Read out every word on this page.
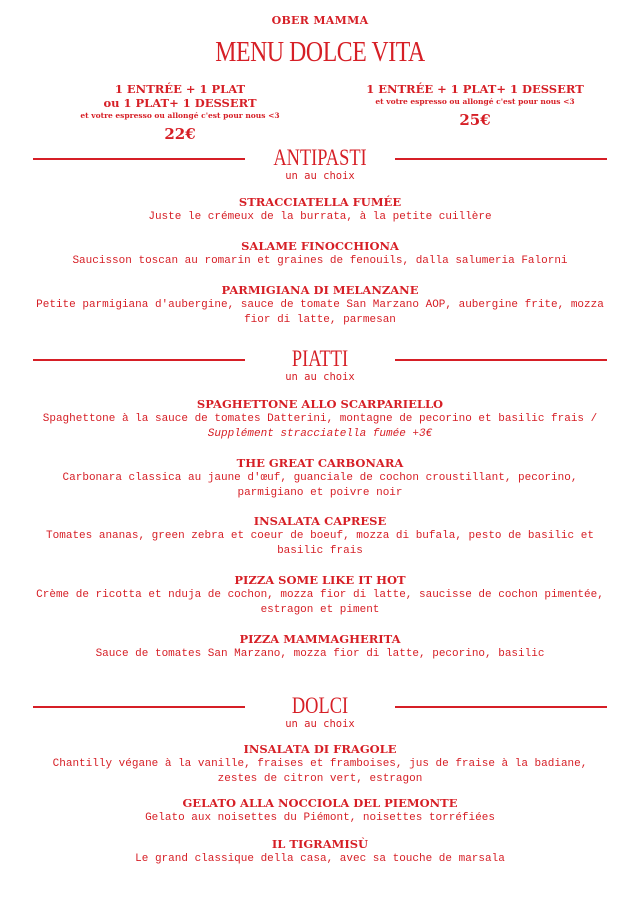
OBER MAMMA
MENU DOLCE VITA
1 ENTRÉE + 1 PLAT
ou 1 PLAT+ 1 DESSERT
et votre espresso ou allongé c'est pour nous <3
22€
1 ENTRÉE + 1 PLAT+ 1 DESSERT
et votre espresso ou allongé c'est pour nous <3
25€
ANTIPASTI
un au choix
STRACCIATELLA FUMÉE
Juste le crémeux de la burrata, à la petite cuillère
SALAME FINOCCHIONA
Saucisson toscan au romarin et graines de fenouils, dalla salumeria Falorni
PARMIGIANA DI MELANZANE
Petite parmigiana d'aubergine, sauce de tomate San Marzano AOP, aubergine frite, mozza fior di latte, parmesan
PIATTI
un au choix
SPAGHETTONE ALLO SCARPARIELLO
Spaghettone à la sauce de tomates Datterini, montagne de pecorino et basilic frais / Supplément stracciatella fumée +3€
THE GREAT CARBONARA
Carbonara classica au jaune d'œuf, guanciale de cochon croustillant, pecorino, parmigiano et poivre noir
INSALATA CAPRESE
Tomates ananas, green zebra et coeur de boeuf, mozza di bufala, pesto de basilic et basilic frais
PIZZA SOME LIKE IT HOT
Crème de ricotta et nduja de cochon, mozza fior di latte, saucisse de cochon pimentée, estragon et piment
PIZZA MAMMAGHERITA
Sauce de tomates San Marzano, mozza fior di latte, pecorino, basilic
DOLCI
un au choix
INSALATA DI FRAGOLE
Chantilly végane à la vanille, fraises et framboises, jus de fraise à la badiane, zestes de citron vert, estragon
GELATO ALLA NOCCIOLA DEL PIEMONTE
Gelato aux noisettes du Piémont, noisettes torréfiées
IL TIGRAMISÙ
Le grand classique della casa, avec sa touche de marsala
